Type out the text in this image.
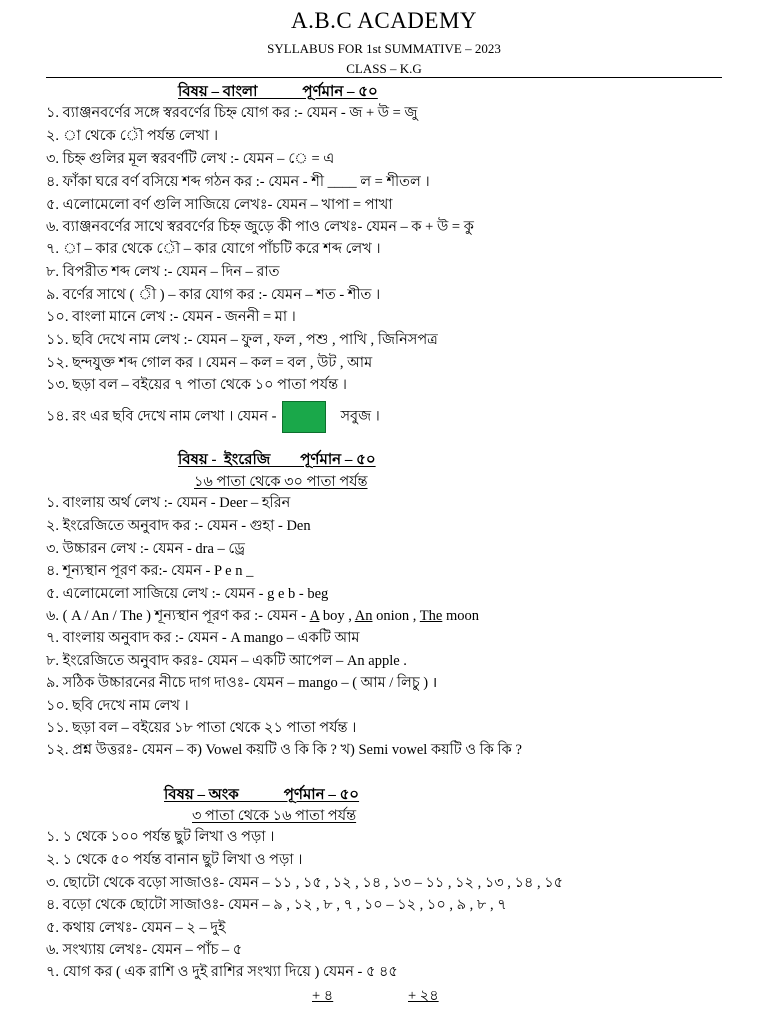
A.B.C ACADEMY
SYLLABUS FOR 1st SUMMATIVE – 2023
CLASS – K.G
বিষয় – বাংলা            পূর্ণমান – ৫০
১. ব্যাঞ্জনবর্ণের সঙ্গে স্বরবর্ণের চিহ্ন যোগ কর :- যেমন - জ + উ = জু
২. া থেকে ৌ পর্যন্ত লেখা ।
৩. চিহ্ন গুলির মূল স্বরবর্ণটি লেখ :- যেমন – ে = এ
৪. ফাঁকা ঘরে বর্ণ বসিয়ে শব্দ গঠন কর :- যেমন - শী ____ ল = শীতল ।
৫. এলোমেলো বর্ণ গুলি সাজিয়ে লেখঃ- যেমন – খাপা = পাখা
৬. ব্যাঞ্জনবর্ণের সাথে স্বরবর্ণের চিহ্ন জুড়ে কী পাও লেখঃ- যেমন – ক + উ = কু
৭. া – কার থেকে ৌ – কার যোগে পাঁচটি করে শব্দ লেখ ।
৮. বিপরীত শব্দ লেখ :- যেমন – দিন – রাত
৯. বর্ণের সাথে ( ী ) – কার যোগ কর :- যেমন – শত - শীত ।
১০. বাংলা মানে লেখ :- যেমন - জননী = মা ।
১১. ছবি দেখে নাম লেখ :- যেমন – ফুল , ফল , পশু , পাখি , জিনিসপত্র
১২. ছন্দযুক্ত শব্দ গোল কর । যেমন – কল = বল , উট , আম
১৩. ছড়া বল – বইয়ের ৭ পাতা থেকে ১০ পাতা পর্যন্ত ।
১৪. রং এর ছবি দেখে নাম লেখা । যেমন -	সবুজ ।
বিষয় -  ইংরেজি        পূর্ণমান – ৫০
১৬ পাতা থেকে ৩০ পাতা পর্যন্ত
১. বাংলায় অর্থ লেখ :- যেমন - Deer – হরিন
২. ইংরেজিতে অনুবাদ কর :- যেমন - গুহা - Den
৩. উচ্চারন লেখ :- যেমন - dra – ড্রে
৪. শূন্যস্থান পূরণ কর:- যেমন - P e n _
৫. এলোমেলো সাজিয়ে লেখ :- যেমন - g e b - beg
৬. ( A / An / The ) শূন্যস্থান পূরণ কর :- যেমন - A boy , An onion , The moon
৭. বাংলায় অনুবাদ কর :- যেমন - A mango – একটি আম
৮. ইংরেজিতে অনুবাদ করঃ- যেমন – একটি আপেল – An apple .
৯. সঠিক উচ্চারনের নীচে দাগ দাওঃ- যেমন – mango – ( আম / লিচু ) ।
১০. ছবি দেখে নাম লেখ ।
১১. ছড়া বল – বইয়ের ১৮ পাতা থেকে ২১ পাতা পর্যন্ত ।
১২. প্রশ্ন উত্তরঃ- যেমন – ক) Vowel কয়টি ও কি কি ? খ) Semi vowel কয়টি ও কি কি ?
বিষয় – অংক            পূর্ণমান – ৫০
৩ পাতা থেকে ১৬ পাতা পর্যন্ত
১. ১ থেকে ১০০ পর্যন্ত ছুট লিখা ও পড়া ।
২. ১ থেকে ৫০ পর্যন্ত বানান ছুট লিখা ও পড়া ।
৩. ছোটো থেকে বড়ো সাজাওঃ- যেমন – ১১ , ১৫ , ১২ , ১৪ , ১৩ – ১১ , ১২ , ১৩ , ১৪ , ১৫
৪. বড়ো থেকে ছোটো সাজাওঃ- যেমন – ৯ , ১২ , ৮ , ৭ , ১০ – ১২ , ১০ , ৯ , ৮ , ৭
৫. কথায় লেখঃ- যেমন – ২ – দুই
৬. সংখ্যায় লেখঃ- যেমন – পাঁচ – ৫
৭. যোগ কর ( এক রাশি ও দুই রাশির সংখ্যা দিয়ে ) যেমন - ৫ ৪৫
+ ৪	+ ২৪
